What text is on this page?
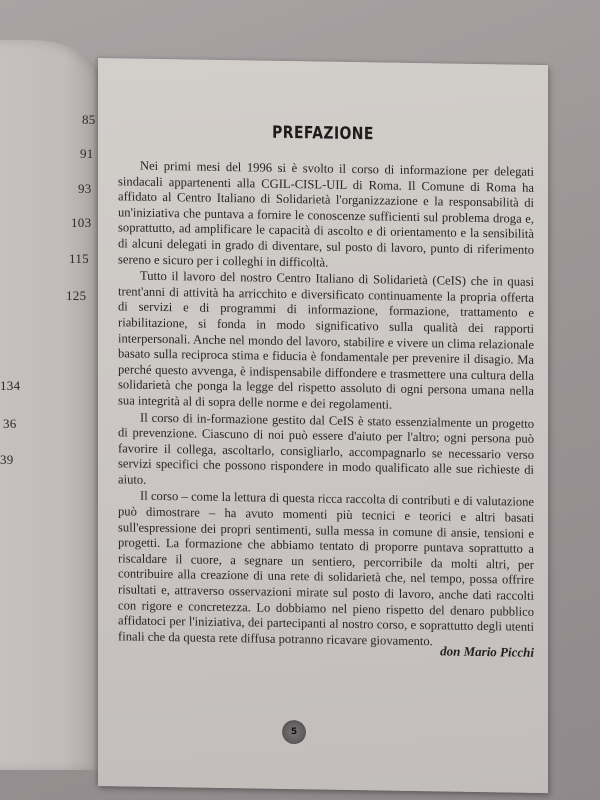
85
91
93
103
115
125
134
36
39
PREFAZIONE

Nei primi mesi del 1996 si è svolto il corso di informazione per delegati sindacali appartenenti alla CGIL-CISL-UIL di Roma. Il Comune di Roma ha affidato al Centro Italiano di Solidarietà l'organizzazione e la responsabilità di un'iniziativa che puntava a fornire le conoscenze sufficienti sul problema droga e, soprattutto, ad amplificare le capacità di ascolto e di orientamento e la sensibilità di alcuni delegati in grado di diventare, sul posto di lavoro, punto di riferimento sereno e sicuro per i colleghi in difficoltà.

Tutto il lavoro del nostro Centro Italiano di Solidarietà (CeIS) che in quasi trent'anni di attività ha arricchito e diversificato continuamente la propria offerta di servizi e di programmi di informazione, formazione, trattamento e riabilitazione, si fonda in modo significativo sulla qualità dei rapporti interpersonali. Anche nel mondo del lavoro, stabilire e vivere un clima relazionale basato sulla reciproca stima e fiducia è fondamentale per prevenire il disagio. Ma perché questo avvenga, è indispensabile diffondere e trasmettere una cultura della solidarietà che ponga la legge del rispetto assoluto di ogni persona umana nella sua integrità al di sopra delle norme e dei regolamenti.

Il corso di in-formazione gestito dal CeIS è stato essenzialmente un progetto di prevenzione. Ciascuno di noi può essere d'aiuto per l'altro; ogni persona può favorire il collega, ascoltarlo, consigliarlo, accompagnarlo se necessario verso servizi specifici che possono rispondere in modo qualificato alle sue richieste di aiuto.

Il corso – come la lettura di questa ricca raccolta di contributi e di valutazione può dimostrare – ha avuto momenti più tecnici e teorici e altri basati sull'espressione dei propri sentimenti, sulla messa in comune di ansie, tensioni e progetti. La formazione che abbiamo tentato di proporre puntava soprattutto a riscaldare il cuore, a segnare un sentiero, percorribile da molti altri, per contribuire alla creazione di una rete di solidarietà che, nel tempo, possa offrire risultati e, attraverso osservazioni mirate sul posto di lavoro, anche dati raccolti con rigore e concretezza. Lo dobbiamo nel pieno rispetto del denaro pubblico affidatoci per l'iniziativa, dei partecipanti al nostro corso, e soprattutto degli utenti finali che da questa rete diffusa potranno ricavare giovamento.

don Mario Picchi
5
